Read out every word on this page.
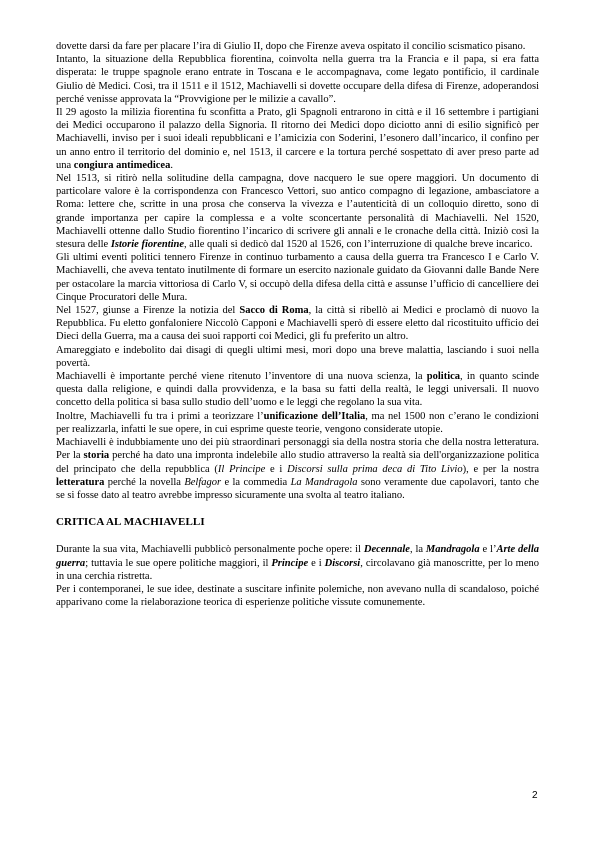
dovette darsi da fare per placare l’ira di Giulio II, dopo che Firenze aveva ospitato il concilio scismatico pisano.

Intanto, la situazione della Repubblica fiorentina, coinvolta nella guerra tra la Francia e il papa, si era fatta disperata: le truppe spagnole erano entrate in Toscana e le accompagnava, come legato pontificio, il cardinale Giulio dè Medici. Così, tra il 1511 e il 1512, Machiavelli si dovette occupare della difesa di Firenze, adoperandosi perché venisse approvata la “Provvigione per le milizie a cavallo”.

Il 29 agosto la milizia fiorentina fu sconfitta a Prato, gli Spagnoli entrarono in città e il 16 settembre i partigiani dei Medici occuparono il palazzo della Signoria. Il ritorno dei Medici dopo diciotto anni di esilio significò per Machiavelli, inviso per i suoi ideali repubblicani e l’amicizia con Soderini, l’esonero dall’incarico, il confino per un anno entro il territorio del dominio e, nel 1513, il carcere e la tortura perché sospettato di aver preso parte ad una congiura antimedicea.

Nel 1513, si ritirò nella solitudine della campagna, dove nacquero le sue opere maggiori. Un documento di particolare valore è la corrispondenza con Francesco Vettori, suo antico compagno di legazione, ambasciatore a Roma: lettere che, scritte in una prosa che conserva la vivezza e l’autenticità di un colloquio diretto, sono di grande importanza per capire la complessa e a volte sconcertante personalità di Machiavelli. Nel 1520, Machiavelli ottenne dallo Studio fiorentino l’incarico di scrivere gli annali e le cronache della città. Iniziò così la stesura delle Istorie fiorentine, alle quali si dedicò dal 1520 al 1526, con l’interruzione di qualche breve incarico.

Gli ultimi eventi politici tennero Firenze in continuo turbamento a causa della guerra tra Francesco I e Carlo V. Machiavelli, che aveva tentato inutilmente di formare un esercito nazionale guidato da Giovanni dalle Bande Nere per ostacolare la marcia vittoriosa di Carlo V, si occupò della difesa della città e assunse l’ufficio di cancelliere dei Cinque Procuratori delle Mura.

Nel 1527, giunse a Firenze la notizia del Sacco di Roma, la città si ribellò ai Medici e proclamò di nuovo la Repubblica. Fu eletto gonfaloniere Niccolò Capponi e Machiavelli sperò di essere eletto dal ricostituito ufficio dei Dieci della Guerra, ma a causa dei suoi rapporti coi Medici, gli fu preferito un altro.

Amareggiato e indebolito dai disagi di quegli ultimi mesi, morì dopo una breve malattia, lasciando i suoi nella povertà.

Machiavelli è importante perché viene ritenuto l’inventore di una nuova scienza, la politica, in quanto scinde questa dalla religione, e quindi dalla provvidenza, e la basa su fatti della realtà, le leggi universali. Il nuovo concetto della politica si basa sullo studio dell’uomo e le leggi che regolano la sua vita.

Inoltre, Machiavelli fu tra i primi a teorizzare l’unificazione dell’Italia, ma nel 1500 non c’erano le condizioni per realizzarla, infatti le sue opere, in cui esprime queste teorie, vengono considerate utopie.

Machiavelli è indubbiamente uno dei più straordinari personaggi sia della nostra storia che della nostra letteratura. Per la storia perché ha dato una impronta indelebile allo studio attraverso la realtà sia dell'organizzazione politica del principato che della repubblica (Il Principe e i Discorsi sulla prima deca di Tito Livio), e per la nostra letteratura perché la novella Belfagor e la commedia La Mandragola sono veramente due capolavori, tanto che se si fosse dato al teatro avrebbe impresso sicuramente una svolta al teatro italiano.

CRITICA AL MACHIAVELLI

Durante la sua vita, Machiavelli pubblicò personalmente poche opere: il Decennale, la Mandragola e l’Arte della guerra; tuttavia le sue opere politiche maggiori, il Principe e i Discorsi, circolavano già manoscritte, per lo meno in una cerchia ristretta.

Per i contemporanei, le sue idee, destinate a suscitare infinite polemiche, non avevano nulla di scandaloso, poiché apparivano come la rielaborazione teorica di esperienze politiche vissute comunemente.

2
